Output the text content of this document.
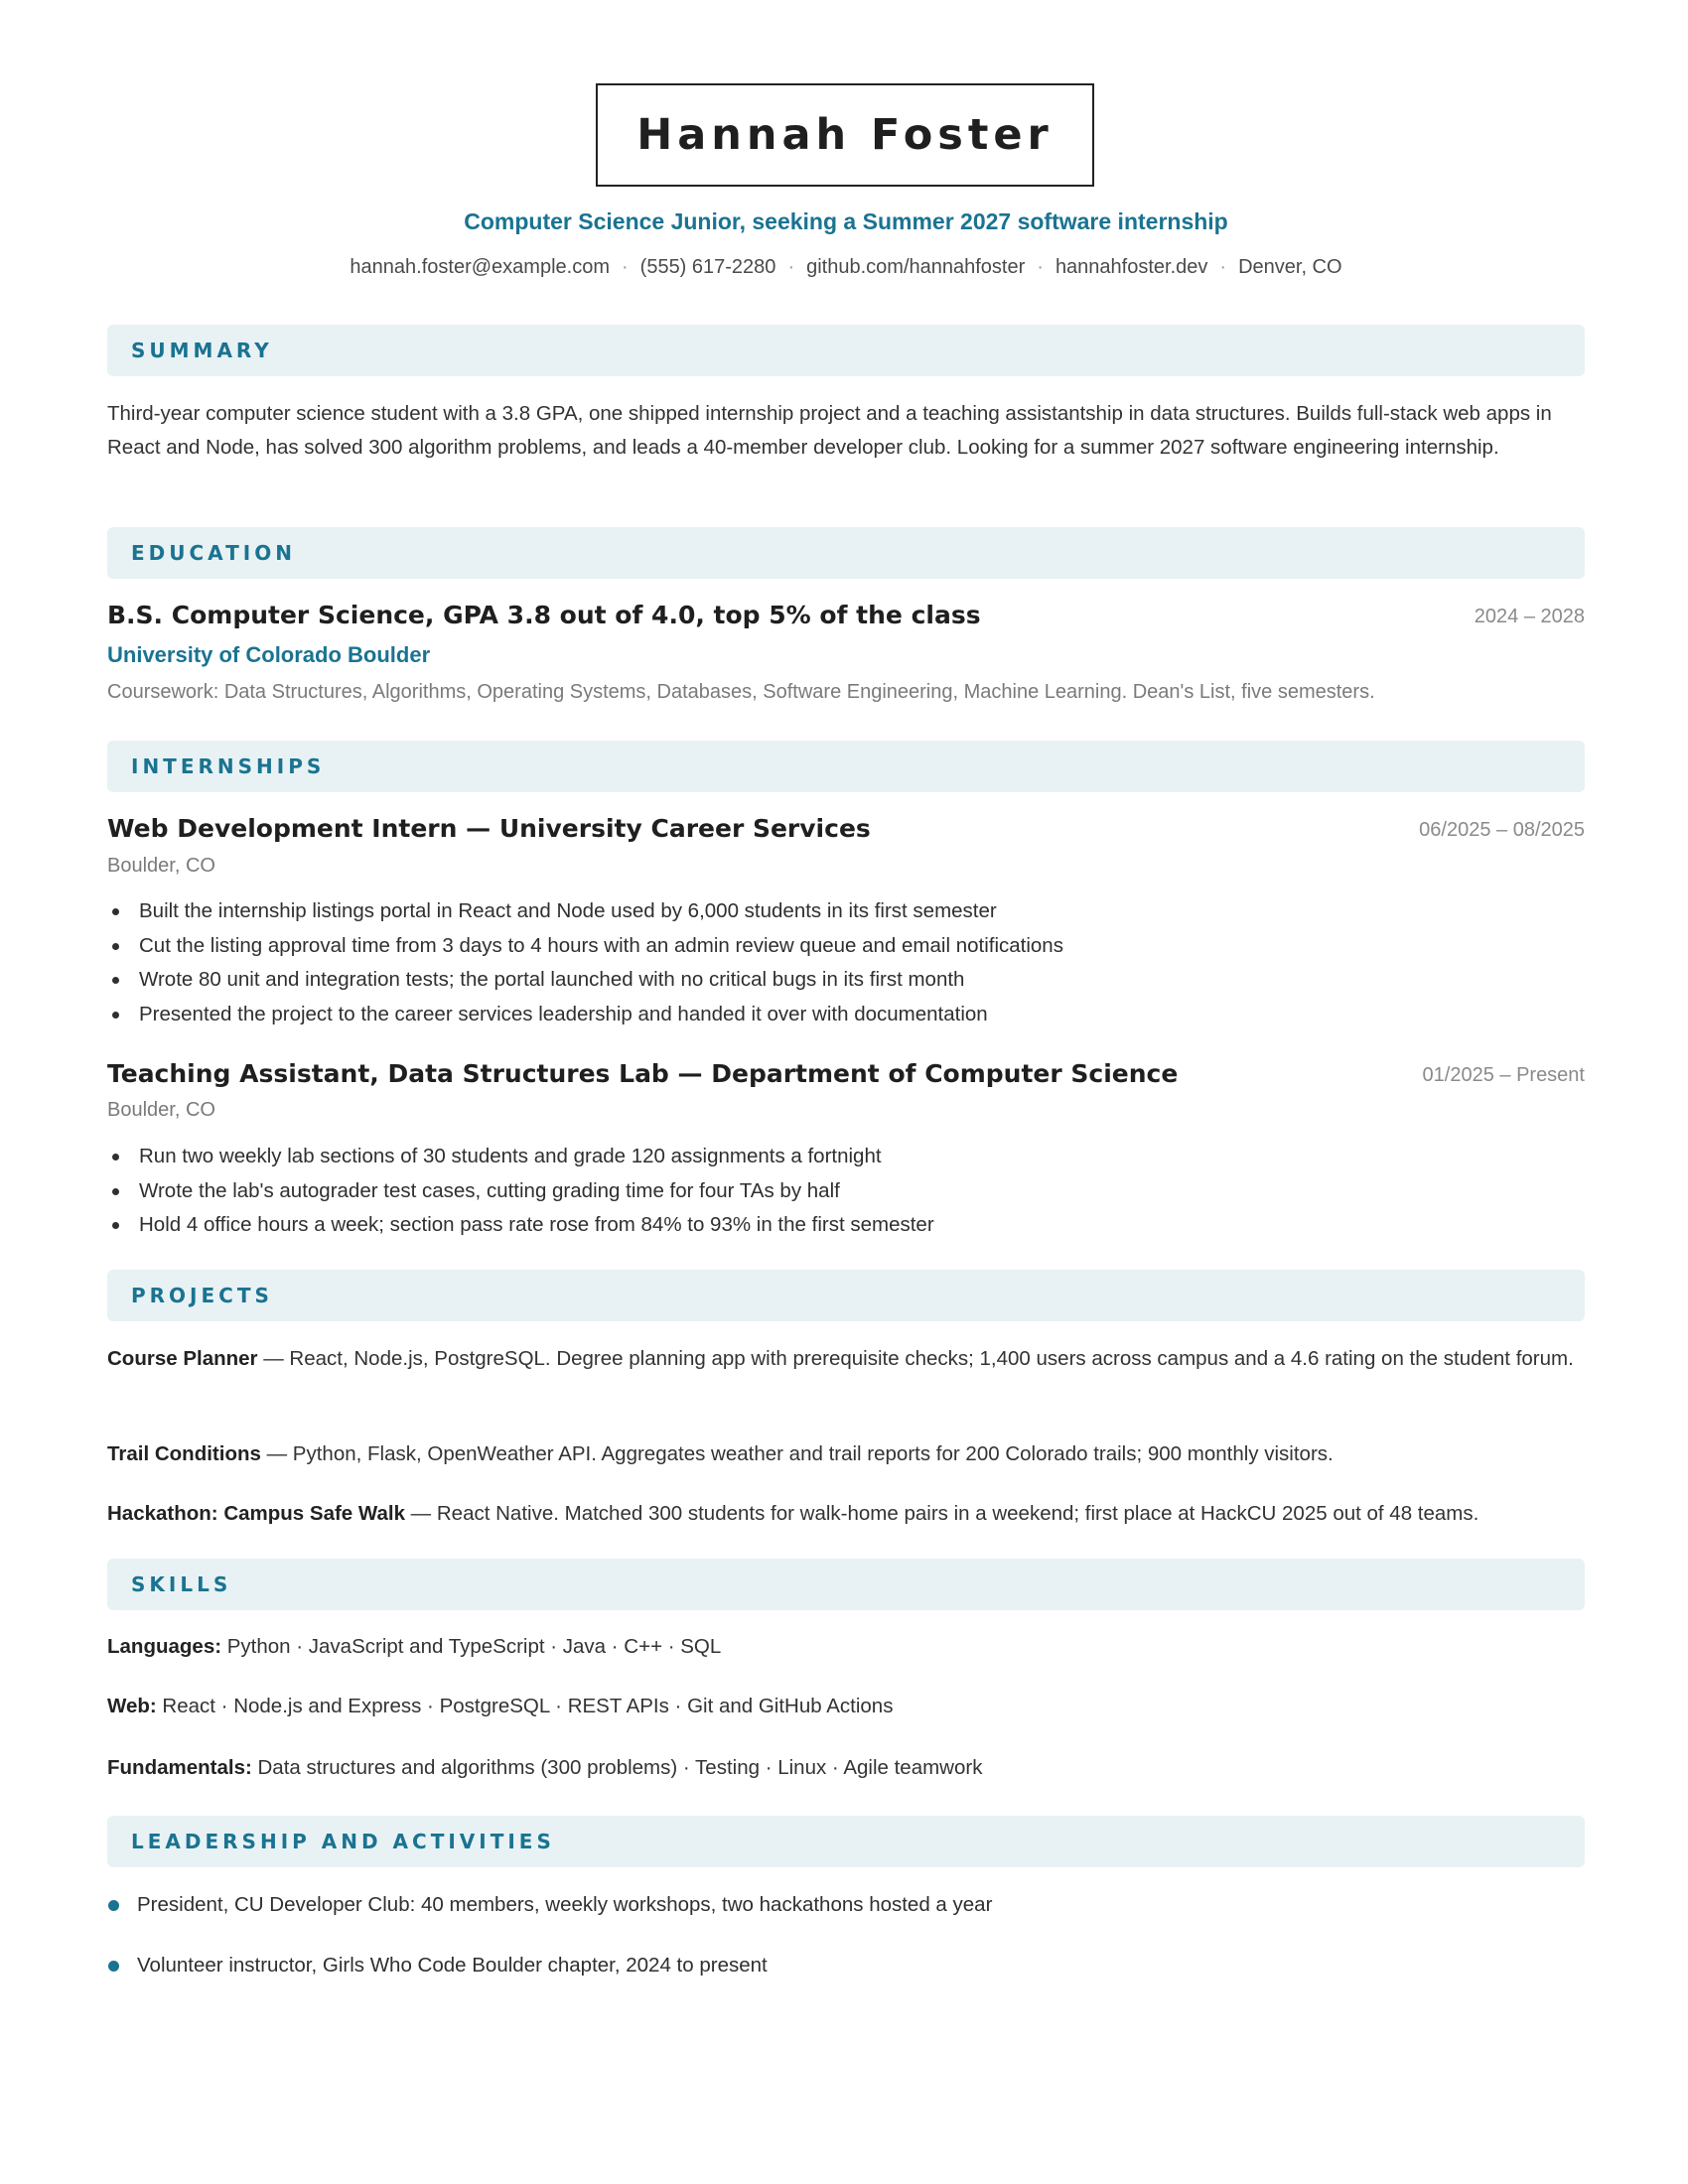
Hannah Foster
Computer Science Junior, seeking a Summer 2027 software internship
hannah.foster@example.com · (555) 617-2280 · github.com/hannahfoster · hannahfoster.dev · Denver, CO
SUMMARY
Third-year computer science student with a 3.8 GPA, one shipped internship project and a teaching assistantship in data structures. Builds full-stack web apps in React and Node, has solved 300 algorithm problems, and leads a 40-member developer club. Looking for a summer 2027 software engineering internship.
EDUCATION
B.S. Computer Science, GPA 3.8 out of 4.0, top 5% of the class	2024 – 2028
University of Colorado Boulder
Coursework: Data Structures, Algorithms, Operating Systems, Databases, Software Engineering, Machine Learning. Dean's List, five semesters.
INTERNSHIPS
Web Development Intern — University Career Services	06/2025 – 08/2025
Boulder, CO
Built the internship listings portal in React and Node used by 6,000 students in its first semester
Cut the listing approval time from 3 days to 4 hours with an admin review queue and email notifications
Wrote 80 unit and integration tests; the portal launched with no critical bugs in its first month
Presented the project to the career services leadership and handed it over with documentation
Teaching Assistant, Data Structures Lab — Department of Computer Science	01/2025 – Present
Boulder, CO
Run two weekly lab sections of 30 students and grade 120 assignments a fortnight
Wrote the lab's autograder test cases, cutting grading time for four TAs by half
Hold 4 office hours a week; section pass rate rose from 84% to 93% in the first semester
PROJECTS
Course Planner — React, Node.js, PostgreSQL. Degree planning app with prerequisite checks; 1,400 users across campus and a 4.6 rating on the student forum.
Trail Conditions — Python, Flask, OpenWeather API. Aggregates weather and trail reports for 200 Colorado trails; 900 monthly visitors.
Hackathon: Campus Safe Walk — React Native. Matched 300 students for walk-home pairs in a weekend; first place at HackCU 2025 out of 48 teams.
SKILLS
Languages: Python · JavaScript and TypeScript · Java · C++ · SQL
Web: React · Node.js and Express · PostgreSQL · REST APIs · Git and GitHub Actions
Fundamentals: Data structures and algorithms (300 problems) · Testing · Linux · Agile teamwork
LEADERSHIP AND ACTIVITIES
President, CU Developer Club: 40 members, weekly workshops, two hackathons hosted a year
Volunteer instructor, Girls Who Code Boulder chapter, 2024 to present
